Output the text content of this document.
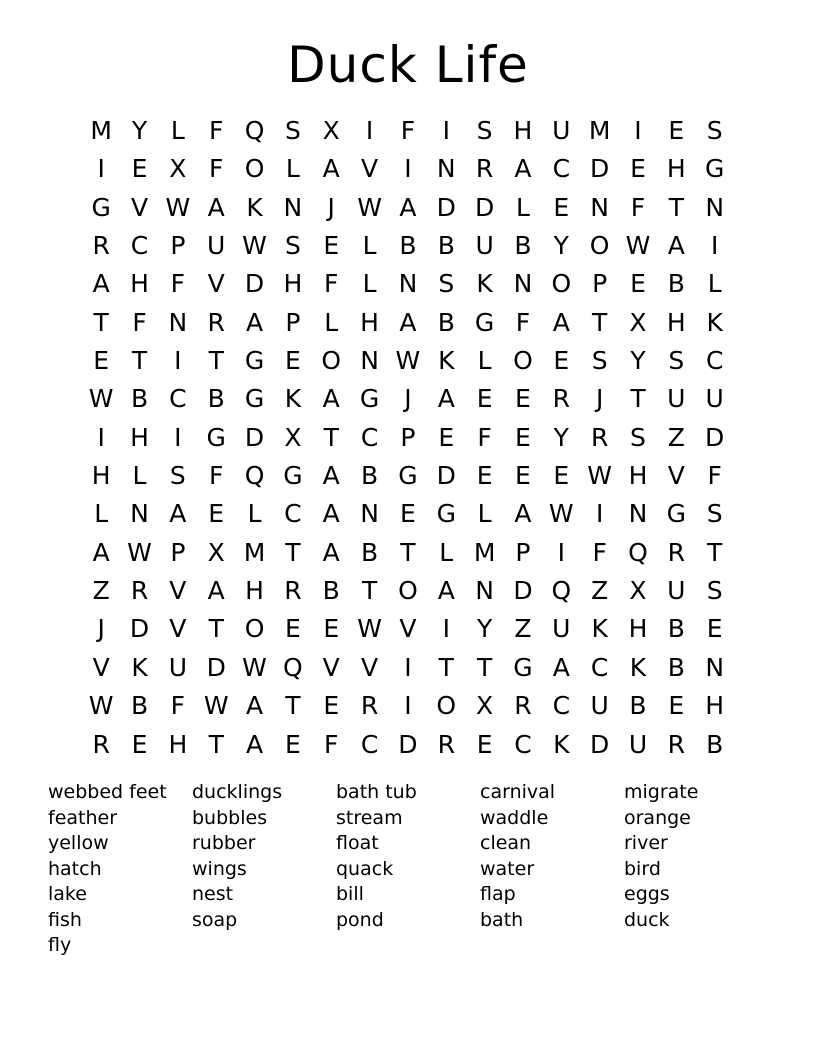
Duck Life
M Y L F Q S X	I	F	I	S H U M I	E S
I	E X F O L A V	I	N R A C D E H G
G V W A K N	J W A D D L E N F T N
R C P U W S E L B B U B Y O W A	I
A H F V D H F L N S K N O P E B L
T F N R A P L H A B G F A T X H K
E T	I	T G E O N W K L O E S Y S C
W B C B G K A G J	A E E R	J	T U U
I	H	I G D X T C P E F E Y R S Z D
H L S F Q G A B G D E E E W H V F
L N A E L C A N E G L A W I	N G S
A W P X M T A B T L M P	I	F Q R T
Z R V A H R B T O A N D Q Z X U S
J	D V T O E E W V	I	Y Z U K H B E
V K U D W Q V V	I	T T G A C K B N
W B F W A T E R	I O X R C U B E H
R E H T A E F C D R E C K D U R B
webbed feet	ducklings	bath tub	carnival	migrate
feather	bubbles	stream	waddle	orange
yellow	rubber	float	clean	river
hatch	wings	quack	water	bird
lake	nest	bill	flap	eggs
fish	soap	pond	bath	duck
fly
